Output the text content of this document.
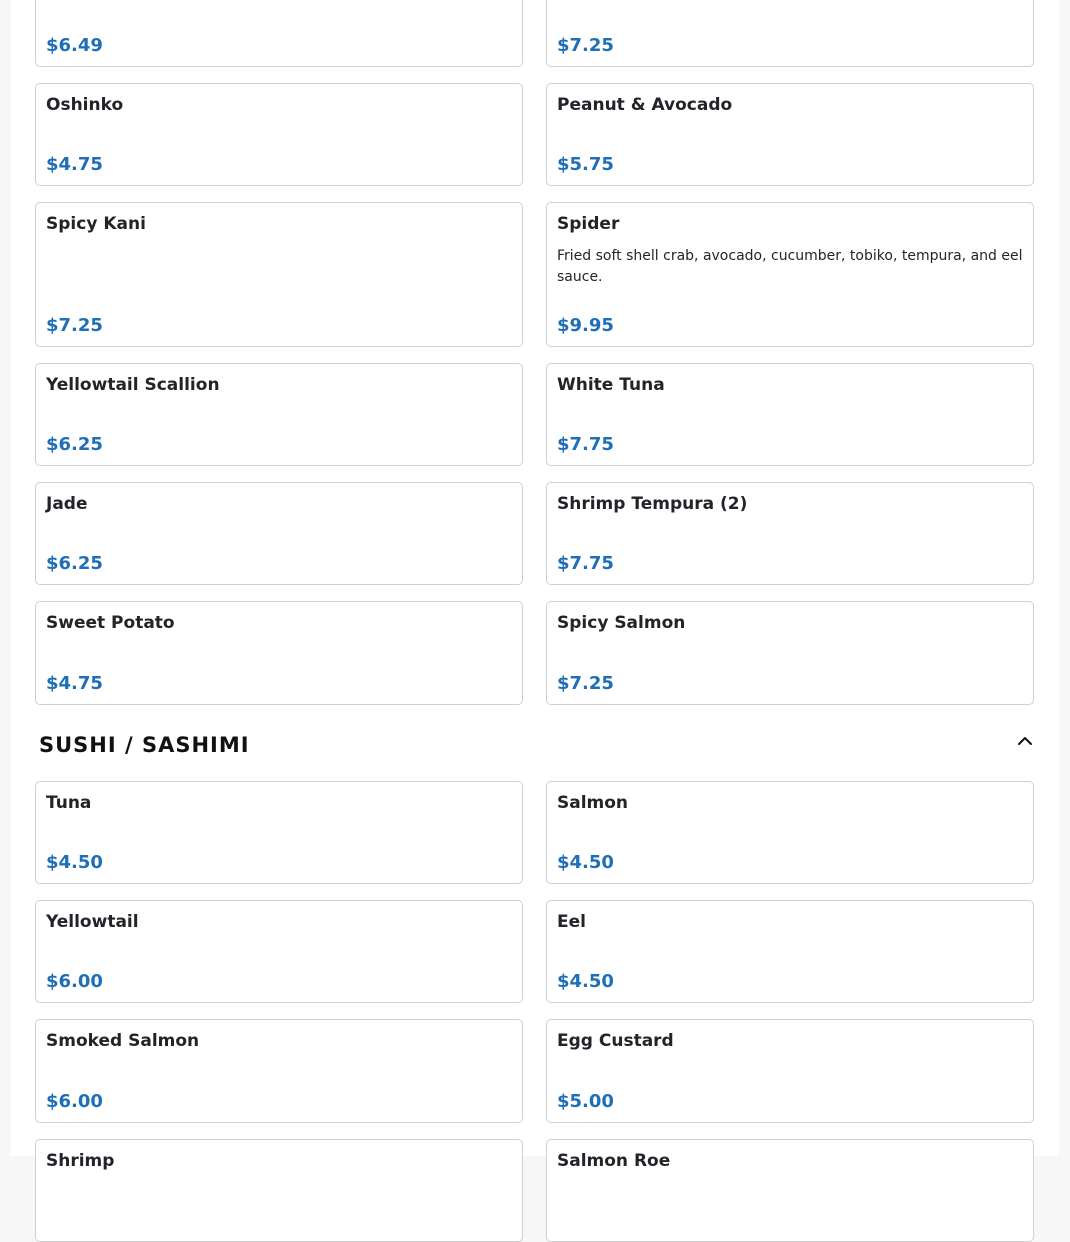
$6.49	$7.25
Oshinko
$4.75
Peanut & Avocado
$5.75
Spicy Kani
$7.25
Spider
Fried soft shell crab, avocado, cucumber, tobiko, tempura, and eel sauce.
$9.95
Yellowtail Scallion
$6.25
White Tuna
$7.75
Jade
$6.25
Shrimp Tempura (2)
$7.75
Sweet Potato
$4.75
Spicy Salmon
$7.25
SUSHI / SASHIMI
Tuna
$4.50
Salmon
$4.50
Yellowtail
$6.00
Eel
$4.50
Smoked Salmon
$6.00
Egg Custard
$5.00
Shrimp	Salmon Roe
